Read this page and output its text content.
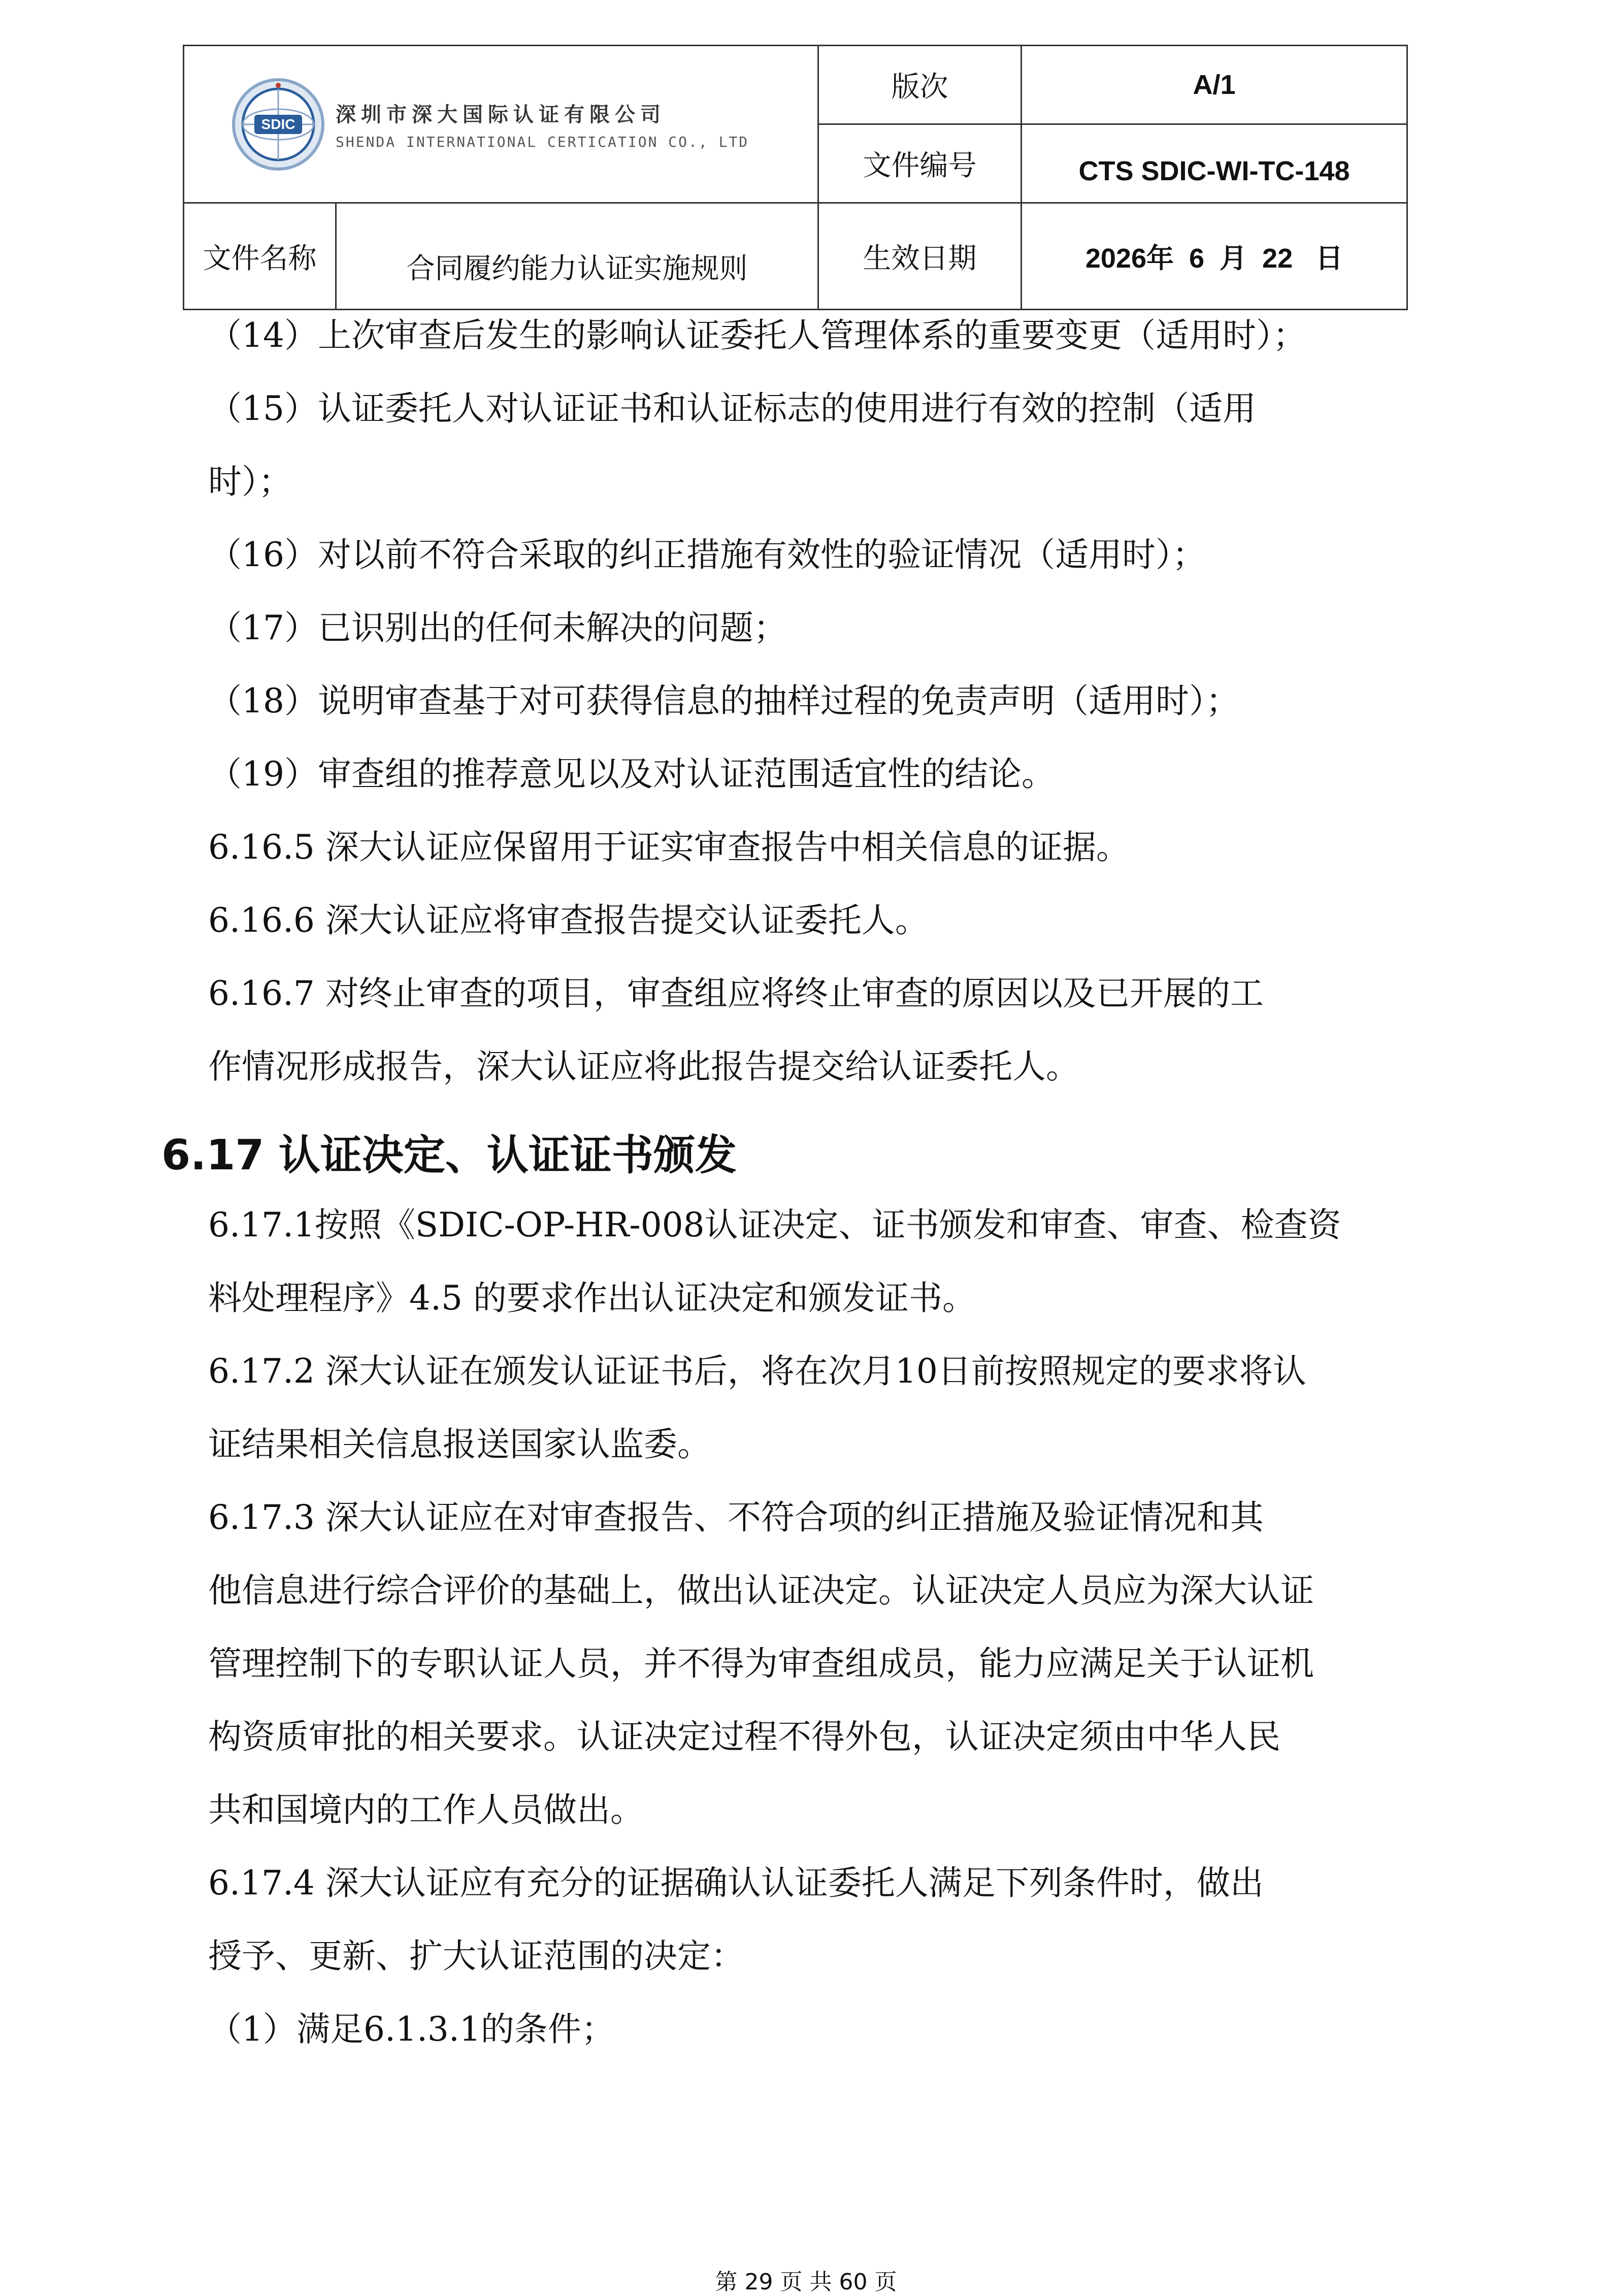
SDIC 深圳市深大国际认证有限公司
SHENDA INTERNATIONAL CERTICATION CO., LTD		版次	A/1
		文件编号	CTS SDIC-WI-TC-148
文件名称	合同履约能力认证实施规则	生效日期	2026年  6  月  22   日
（14）上次审查后发生的影响认证委托人管理体系的重要变更（适用时）；
（15）认证委托人对认证证书和认证标志的使用进行有效的控制（适用
时）；
（16）对以前不符合采取的纠正措施有效性的验证情况（适用时）；
（17）已识别出的任何未解决的问题；
（18）说明审查基于对可获得信息的抽样过程的免责声明（适用时）；
（19）审查组的推荐意见以及对认证范围适宜性的结论。
6.16.5 深大认证应保留用于证实审查报告中相关信息的证据。
6.16.6 深大认证应将审查报告提交认证委托人。
6.16.7 对终止审查的项目，审查组应将终止审查的原因以及已开展的工
作情况形成报告，深大认证应将此报告提交给认证委托人。
6.17 认证决定、认证证书颁发
6.17.1按照《SDIC-OP-HR-008认证决定、证书颁发和审查、审查、检查资
料处理程序》4.5 的要求作出认证决定和颁发证书。
6.17.2 深大认证在颁发认证证书后，将在次月10日前按照规定的要求将认
证结果相关信息报送国家认监委。
6.17.3 深大认证应在对审查报告、不符合项的纠正措施及验证情况和其
他信息进行综合评价的基础上，做出认证决定。认证决定人员应为深大认证
管理控制下的专职认证人员，并不得为审查组成员，能力应满足关于认证机
构资质审批的相关要求。认证决定过程不得外包，认证决定须由中华人民
共和国境内的工作人员做出。
6.17.4 深大认证应有充分的证据确认认证委托人满足下列条件时，做出
授予、更新、扩大认证范围的决定：
（1）满足6.1.3.1的条件；
第 29 页 共 60 页
